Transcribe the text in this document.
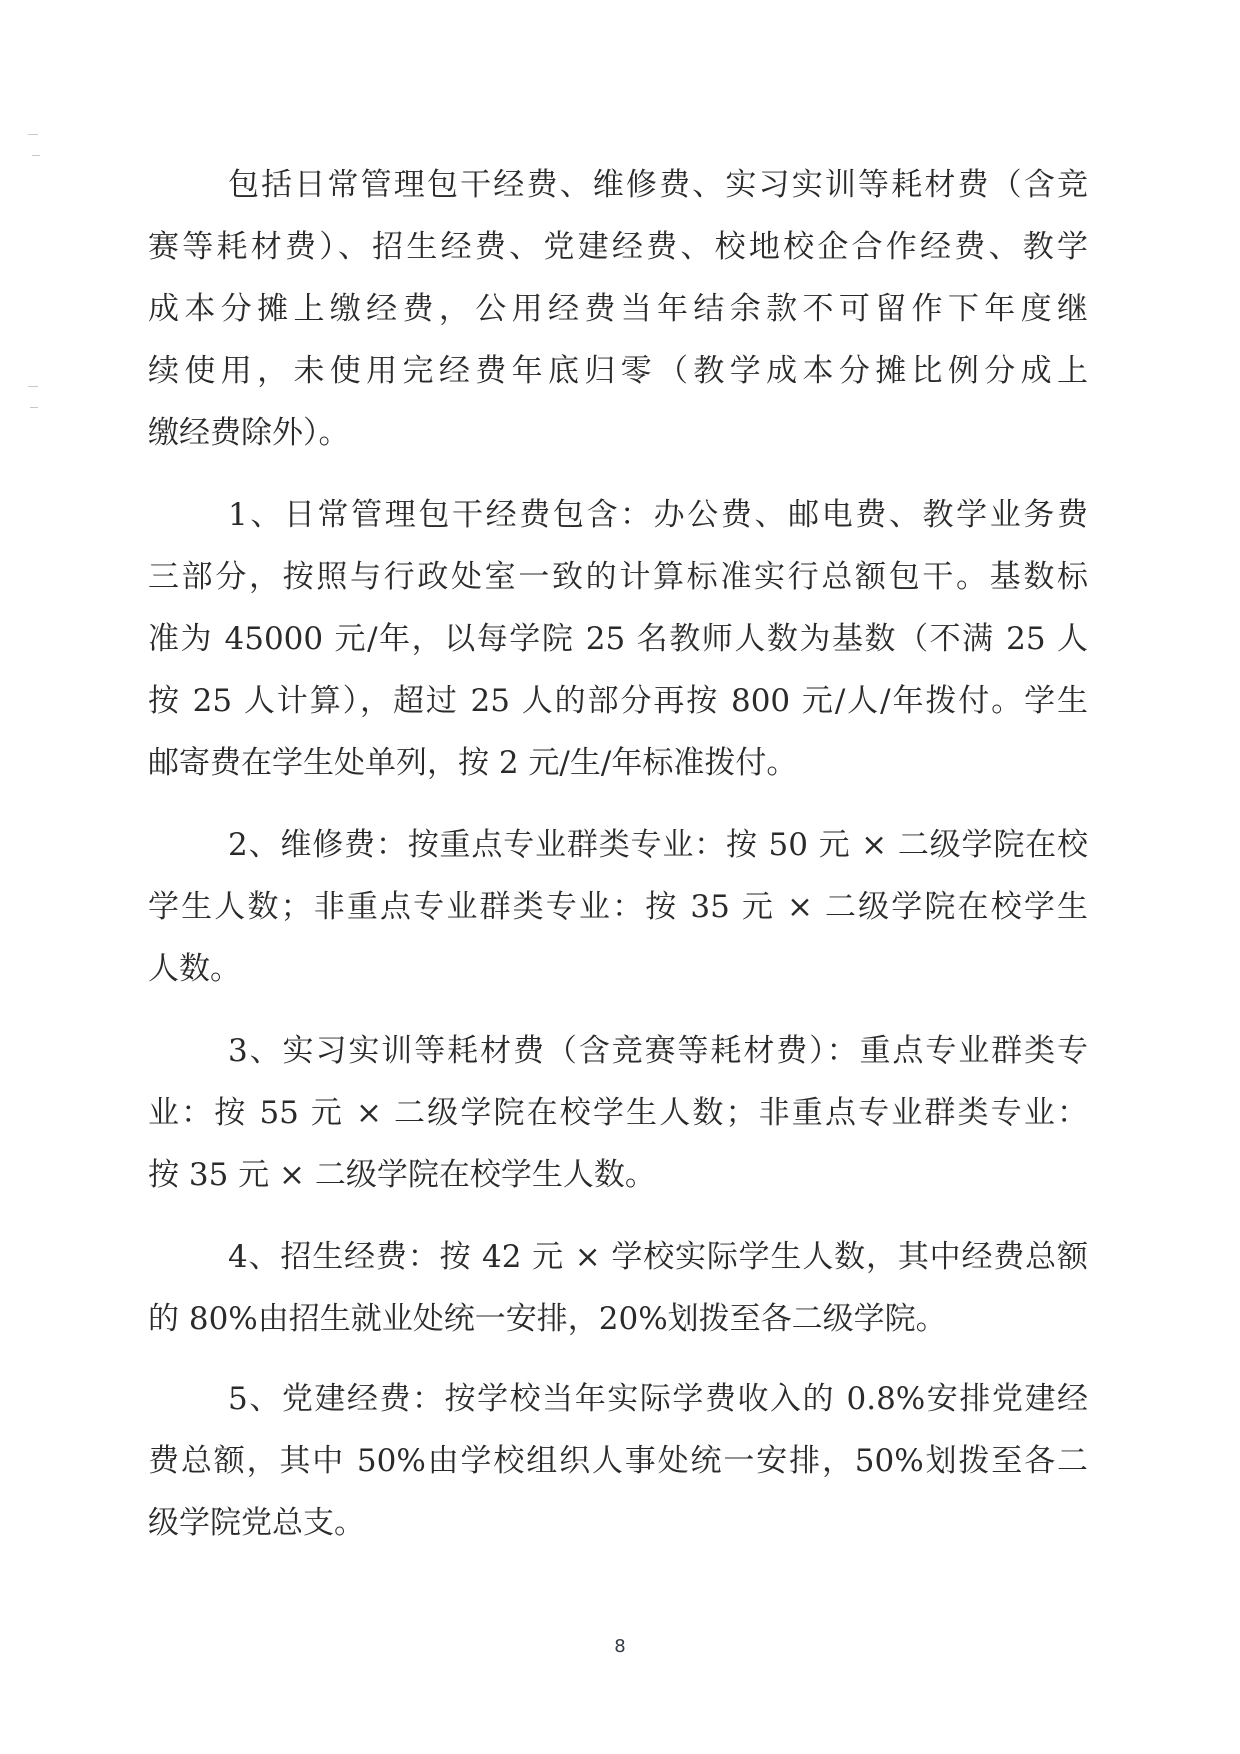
包括日常管理包干经费、维修费、实习实训等耗材费（含竞
赛等耗材费）、招生经费、党建经费、校地校企合作经费、教学
成本分摊上缴经费，公用经费当年结余款不可留作下年度继
续使用，未使用完经费年底归零（教学成本分摊比例分成上
缴经费除外）。
1、日常管理包干经费包含：办公费、邮电费、教学业务费
三部分，按照与行政处室一致的计算标准实行总额包干。基数标
准为 45000 元/年，以每学院 25 名教师人数为基数（不满 25 人
按 25 人计算），超过 25 人的部分再按 800 元/人/年拨付。学生
邮寄费在学生处单列，按 2 元/生/年标准拨付。
2、维修费：按重点专业群类专业：按 50 元 × 二级学院在校
学生人数；非重点专业群类专业：按 35 元 × 二级学院在校学生
人数。
3、实习实训等耗材费（含竞赛等耗材费）：重点专业群类专
业：按 55 元 × 二级学院在校学生人数；非重点专业群类专业：
按 35 元 × 二级学院在校学生人数。
4、招生经费：按 42 元 × 学校实际学生人数，其中经费总额
的 80%由招生就业处统一安排，20%划拨至各二级学院。
5、党建经费：按学校当年实际学费收入的 0.8%安排党建经
费总额，其中 50%由学校组织人事处统一安排，50%划拨至各二
级学院党总支。
8
